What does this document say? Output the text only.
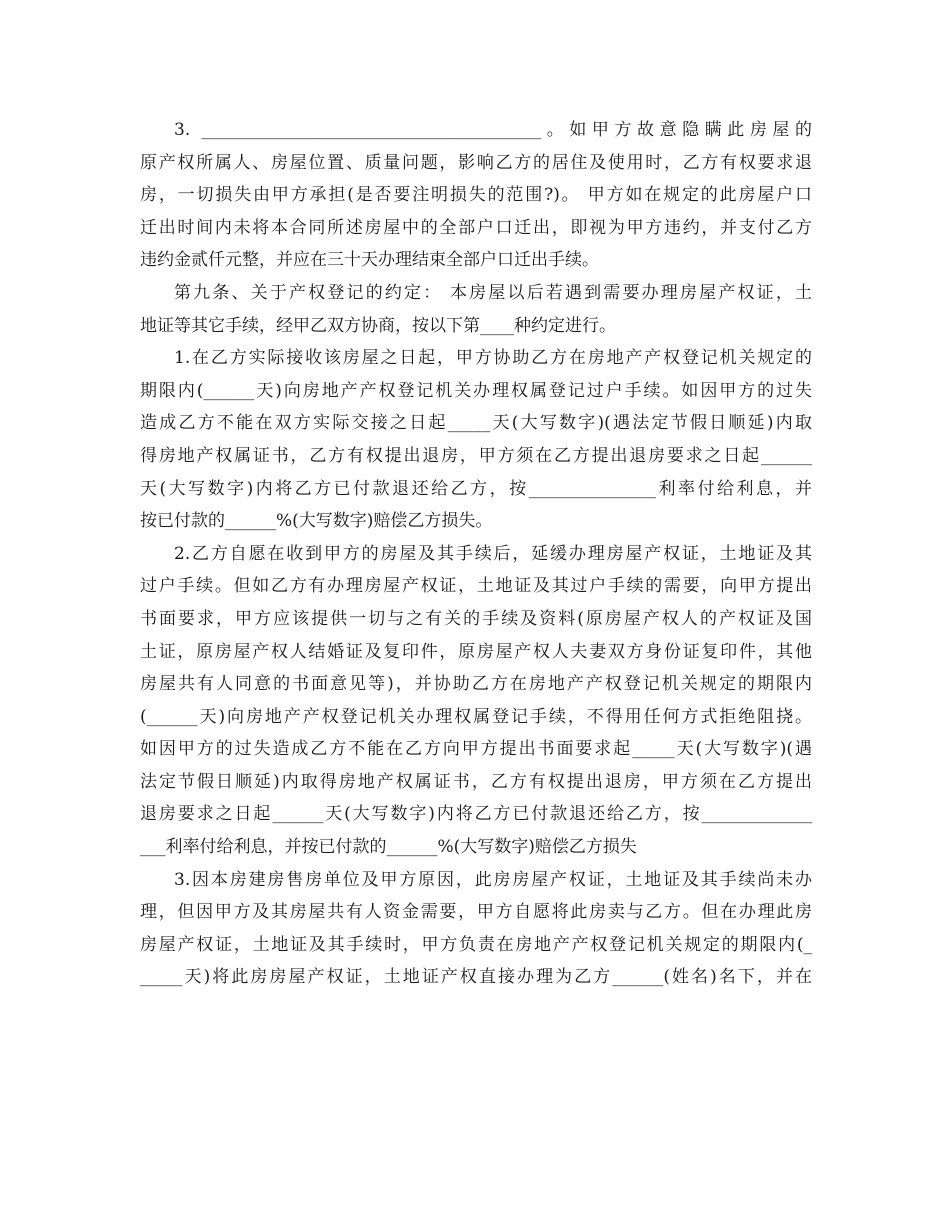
3. ________________________________________。如甲方故意隐瞒此房屋的
原产权所属人、房屋位置、质量问题，影响乙方的居住及使用时，乙方有权要求退
房，一切损失由甲方承担(是否要注明损失的范围?)。 甲方如在规定的此房屋户口
迁出时间内未将本合同所述房屋中的全部户口迁出，即视为甲方违约，并支付乙方
违约金贰仟元整，并应在三十天办理结束全部户口迁出手续。
第九条、关于产权登记的约定： 本房屋以后若遇到需要办理房屋产权证，土
地证等其它手续，经甲乙双方协商，按以下第____种约定进行。
1.在乙方实际接收该房屋之日起，甲方协助乙方在房地产产权登记机关规定的
期限内(______天)向房地产产权登记机关办理权属登记过户手续。如因甲方的过失
造成乙方不能在双方实际交接之日起_____天(大写数字)(遇法定节假日顺延)内取
得房地产权属证书，乙方有权提出退房，甲方须在乙方提出退房要求之日起______
天(大写数字)内将乙方已付款退还给乙方，按_______________利率付给利息，并
按已付款的______%(大写数字)赔偿乙方损失。
2.乙方自愿在收到甲方的房屋及其手续后，延缓办理房屋产权证，土地证及其
过户手续。但如乙方有办理房屋产权证，土地证及其过户手续的需要，向甲方提出
书面要求，甲方应该提供一切与之有关的手续及资料(原房屋产权人的产权证及国
土证，原房屋产权人结婚证及复印件，原房屋产权人夫妻双方身份证复印件，其他
房屋共有人同意的书面意见等)，并协助乙方在房地产产权登记机关规定的期限内
(______天)向房地产产权登记机关办理权属登记手续，不得用任何方式拒绝阻挠。
如因甲方的过失造成乙方不能在乙方向甲方提出书面要求起_____天(大写数字)(遇
法定节假日顺延)内取得房地产权属证书，乙方有权提出退房，甲方须在乙方提出
退房要求之日起______天(大写数字)内将乙方已付款退还给乙方，按_____________
___利率付给利息，并按已付款的______%(大写数字)赔偿乙方损失
3.因本房建房售房单位及甲方原因，此房房屋产权证，土地证及其手续尚未办
理，但因甲方及其房屋共有人资金需要，甲方自愿将此房卖与乙方。但在办理此房
房屋产权证，土地证及其手续时，甲方负责在房地产产权登记机关规定的期限内(_
_____天)将此房房屋产权证，土地证产权直接办理为乙方______(姓名)名下，并在
